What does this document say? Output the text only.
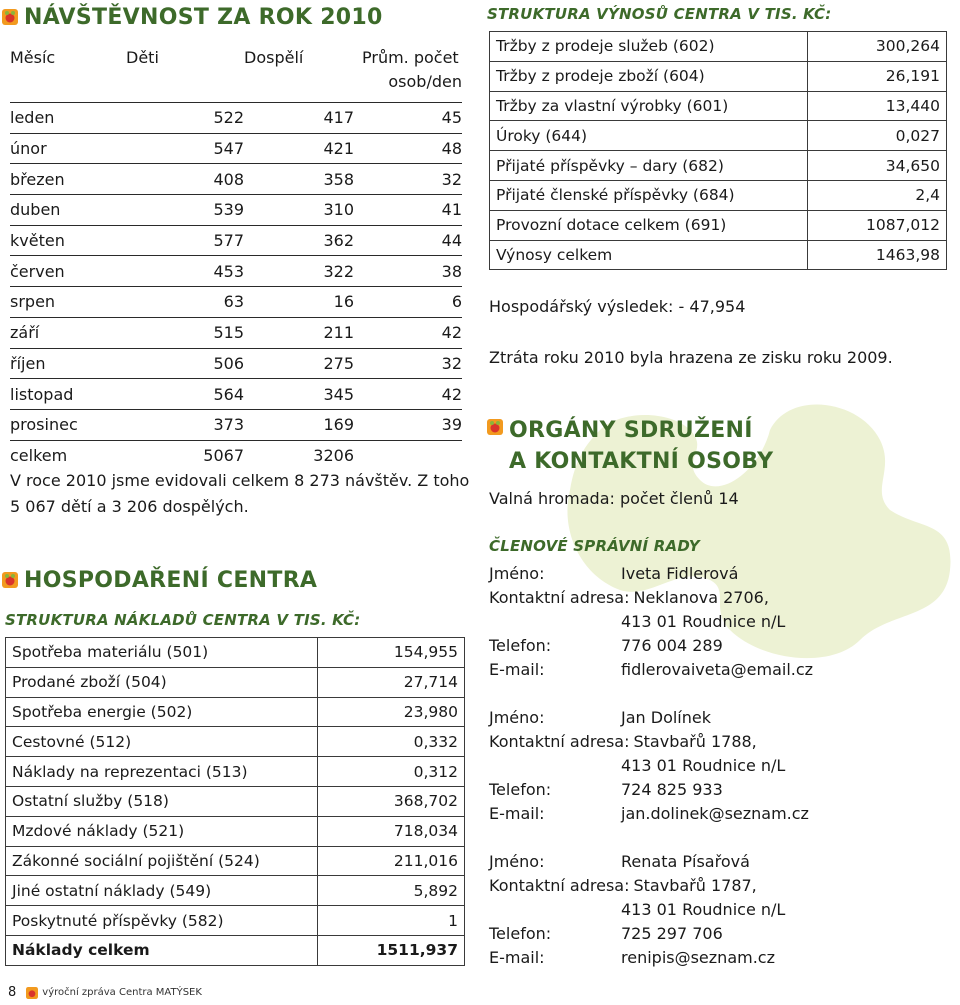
NÁVŠTĚVNOST ZA ROK 2010
Měsíc	Děti	Dospělí	Prům. počet
osob/den

leden	522	417	45
únor	547	421	48
březen	408	358	32
duben	539	310	41
květen	577	362	44
červen	453	322	38
srpen	63	16	6
září	515	211	42
říjen	506	275	32
listopad	564	345	42
prosinec	373	169	39
celkem	5067	3206	
V roce 2010 jsme evidovali celkem 8 273 návštěv. Z toho
5 067 dětí a 3 206 dospělých.
HOSPODAŘENÍ CENTRA
STRUKTURA NÁKLADŮ CENTRA V TIS. KČ:
Spotřeba materiálu (501)	154,955
Prodané zboží (504)	27,714
Spotřeba energie (502)	23,980
Cestovné (512)	0,332
Náklady na reprezentaci (513)	0,312
Ostatní služby (518)	368,702
Mzdové náklady (521)	718,034
Zákonné sociální pojištění (524)	211,016
Jiné ostatní náklady (549)	5,892
Poskytnuté příspěvky (582)	1
Náklady celkem	1511,937
8	výroční zpráva Centra MATÝSEK
STRUKTURA VÝNOSŮ CENTRA V TIS. KČ:
Tržby z prodeje služeb (602)	300,264
Tržby z prodeje zboží (604)	26,191
Tržby za vlastní výrobky (601)	13,440
Úroky (644)	0,027
Přijaté příspěvky – dary (682)	34,650
Přijaté členské příspěvky (684)	2,4
Provozní dotace celkem (691)	1087,012
Výnosy celkem	1463,98
Hospodářský výsledek: - 47,954
Ztráta roku 2010 byla hrazena ze zisku roku 2009.
ORGÁNY SDRUŽENÍ
A KONTAKTNÍ OSOBY
Valná hromada: počet členů 14
ČLENOVÉ SPRÁVNÍ RADY
Jméno:	Iveta Fidlerová
Kontaktní adresa: Neklanova 2706,
413 01 Roudnice n/L
Telefon:	776 004 289
E-mail:	fidlerovaiveta@email.cz
Jméno:	Jan Dolínek
Kontaktní adresa: Stavbařů 1788,
413 01 Roudnice n/L
Telefon:	724 825 933
E-mail:	jan.dolinek@seznam.cz
Jméno:	Renata Písařová
Kontaktní adresa: Stavbařů 1787,
413 01 Roudnice n/L
Telefon:	725 297 706
E-mail:	renipis@seznam.cz
